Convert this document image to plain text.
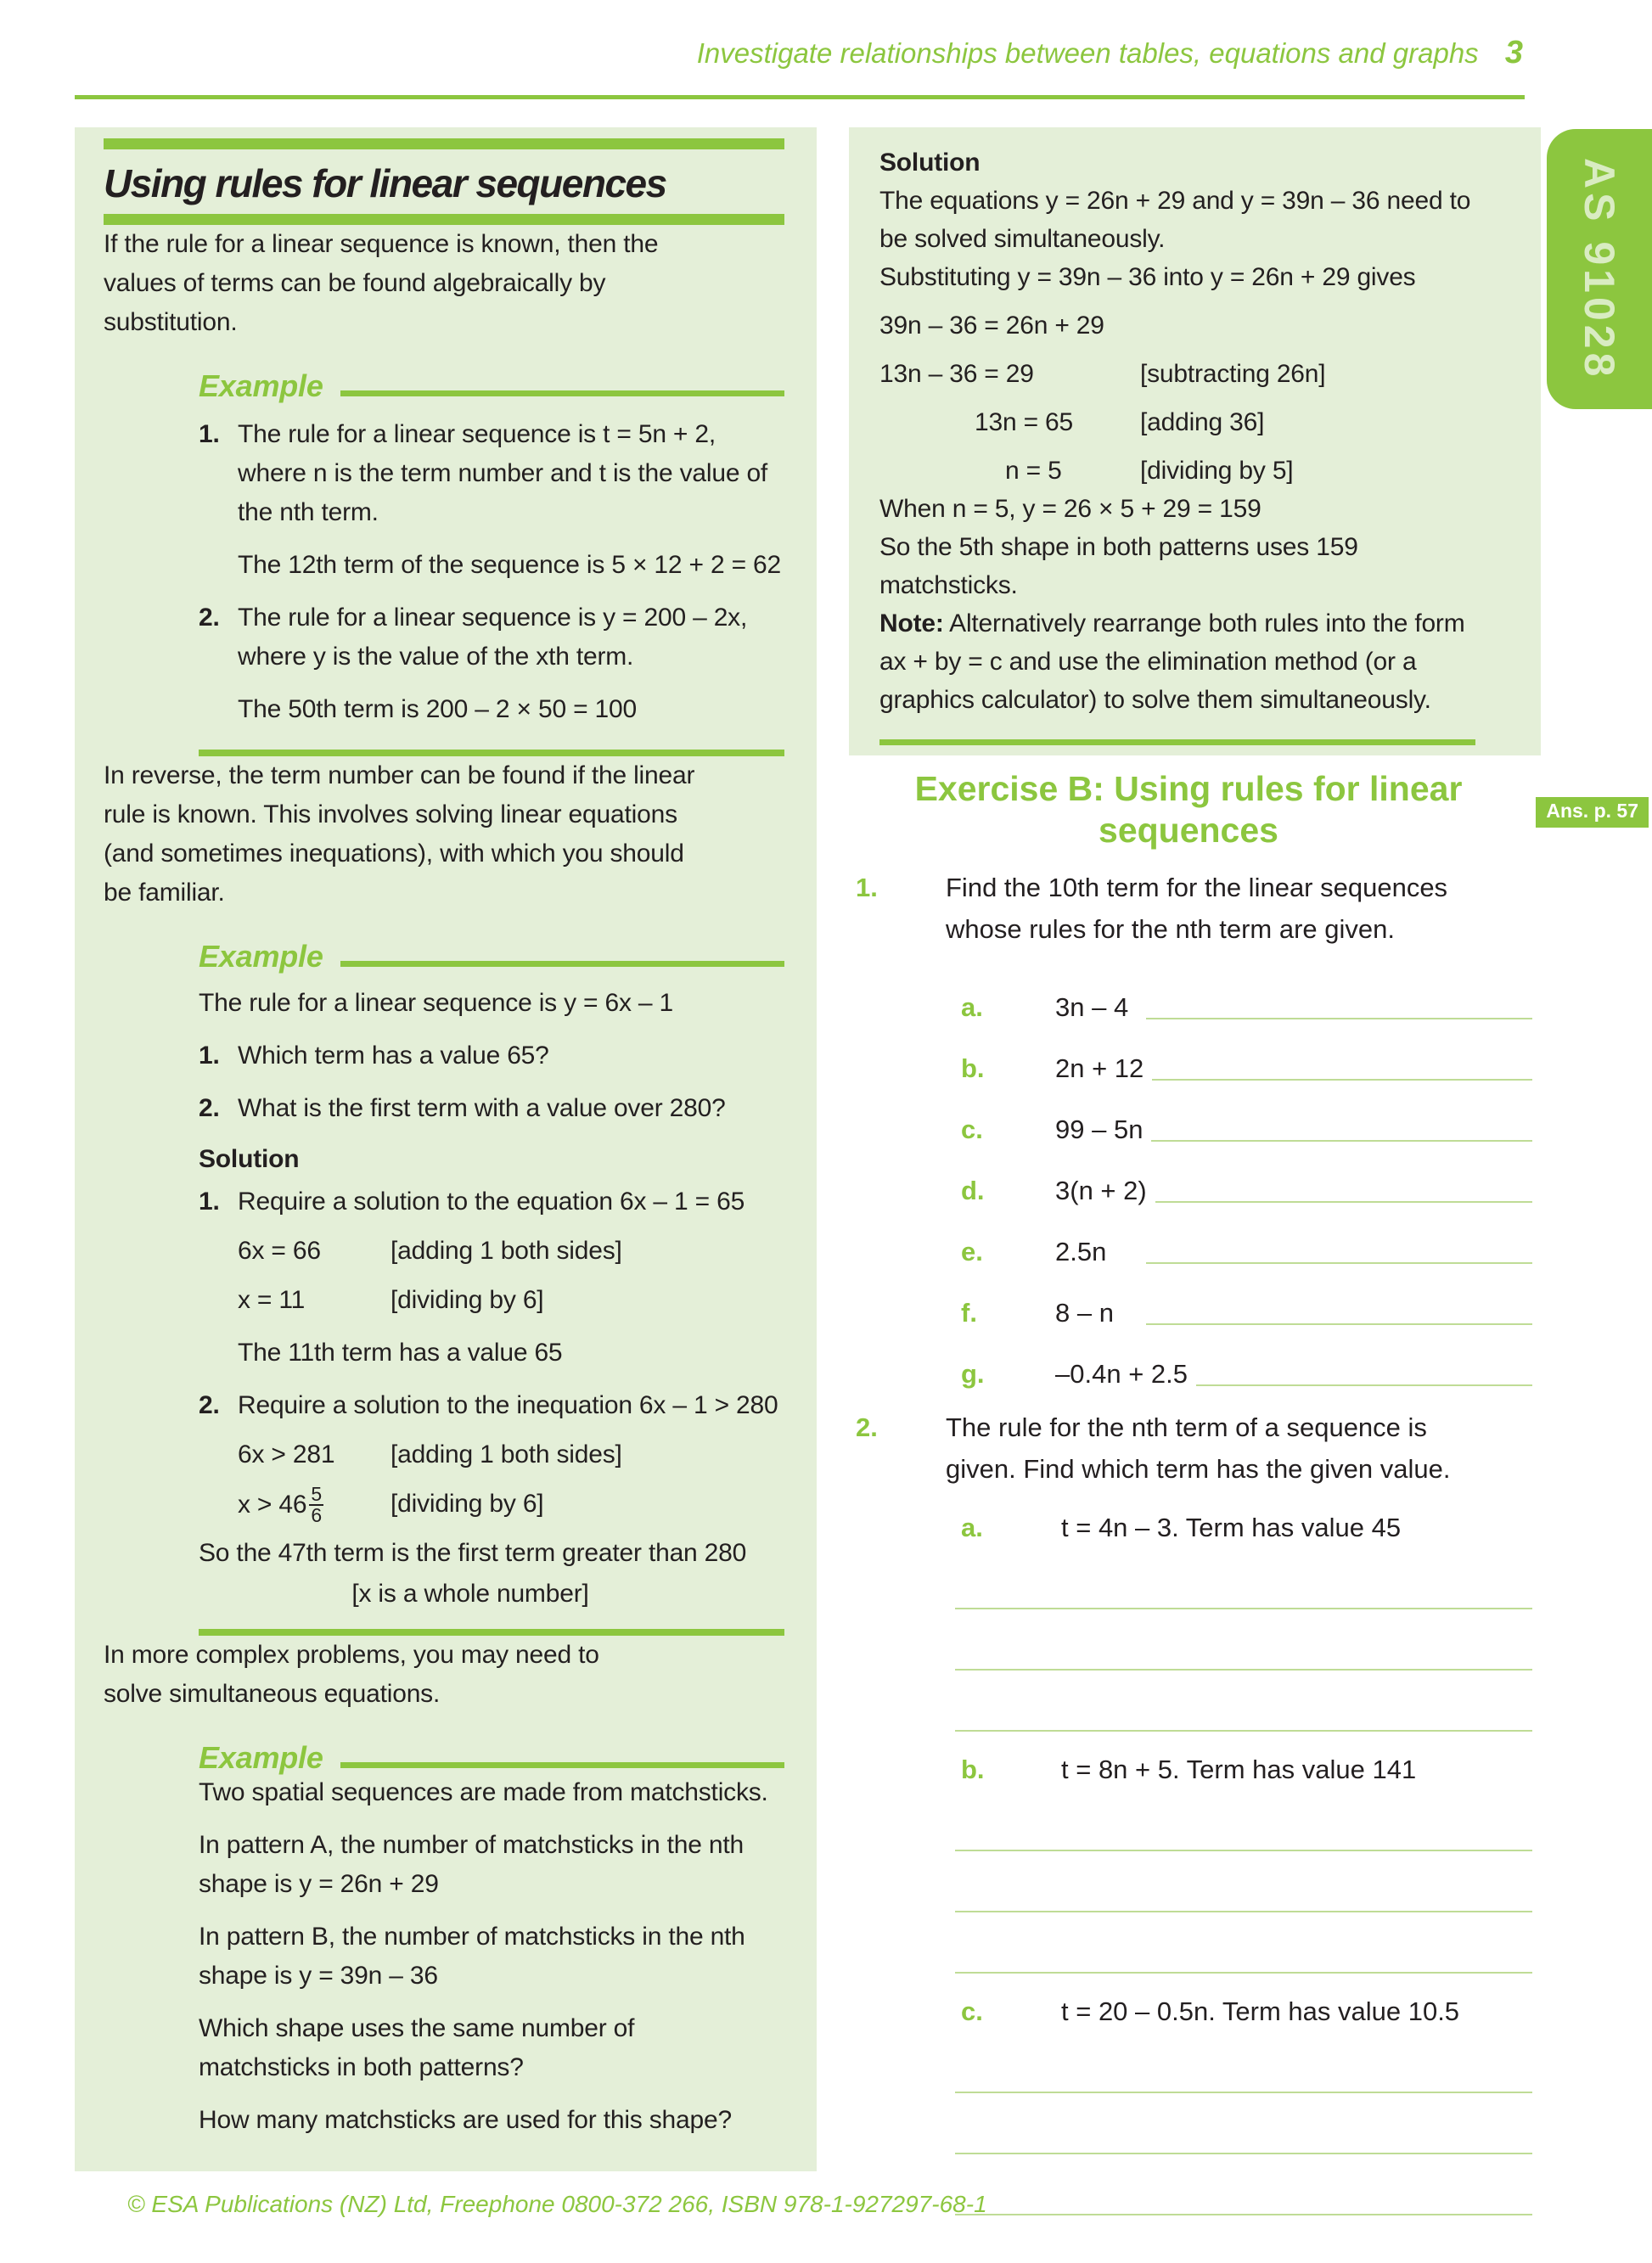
Investigate relationships between tables, equations and graphs 3
AS 91028
Using rules for linear sequences

If the rule for a linear sequence is known, then the values of terms can be found algebraically by substitution.

Example
1. The rule for a linear sequence is t = 5n + 2, where n is the term number and t is the value of the nth term.
The 12th term of the sequence is 5 × 12 + 2 = 62
2. The rule for a linear sequence is y = 200 – 2x, where y is the value of the xth term.
The 50th term is 200 – 2 × 50 = 100

In reverse, the term number can be found if the linear rule is known. This involves solving linear equations (and sometimes inequations), with which you should be familiar.

Example
The rule for a linear sequence is y = 6x – 1
1. Which term has a value 65?
2. What is the first term with a value over 280?
Solution
1. Require a solution to the equation 6x – 1 = 65
6x = 66	[adding 1 both sides]
x = 11	[dividing by 6]
The 11th term has a value 65
2. Require a solution to the inequation 6x – 1 > 280
6x > 281	[adding 1 both sides]
$x > 46 \frac{5}{6}$	[dividing by 6]
So the 47th term is the first term greater than 280
[x is a whole number]

In more complex problems, you may need to solve simultaneous equations.

Example

Two spatial sequences are made from matchsticks.

In pattern A, the number of matchsticks in the nth shape is y = 26n + 29

In pattern B, the number of matchsticks in the nth shape is y = 39n – 36

Which shape uses the same number of matchsticks in both patterns?

How many matchsticks are used for this shape?

Solution

The equations y = 26n + 29 and y = 39n – 36 need to be solved simultaneously.

Substituting y = 39n – 36 into y = 26n + 29 gives

39n – 36 = 26n + 29
13n – 36 = 29	[subtracting 26n]
13n = 65	[adding 36]
n = 5	[dividing by 5]

When n = 5, y = 26 × 5 + 29 = 159

So the 5th shape in both patterns uses 159 matchsticks.

Note: Alternatively rearrange both rules into the form ax + by = c and use the elimination method (or a graphics calculator) to solve them simultaneously.

Exercise B: Using rules for linear
sequences	Ans. p. 57
1.	Find the 10th term for the linear sequences whose rules for the nth term are given.
a.	3n – 4
b.	2n + 12
c.	99 – 5n
d.	3(n + 2)
e.	2.5n
f.	8 – n
g.	–0.4n + 2.5
2.	The rule for the nth term of a sequence is given. Find which term has the given value.
a.	t = 4n – 3. Term has value 45
b.	t = 8n + 5. Term has value 141
c.	t = 20 – 0.5n. Term has value 10.5
© ESA Publications (NZ) Ltd, Freephone 0800-372 266, ISBN 978-1-927297-68-1
